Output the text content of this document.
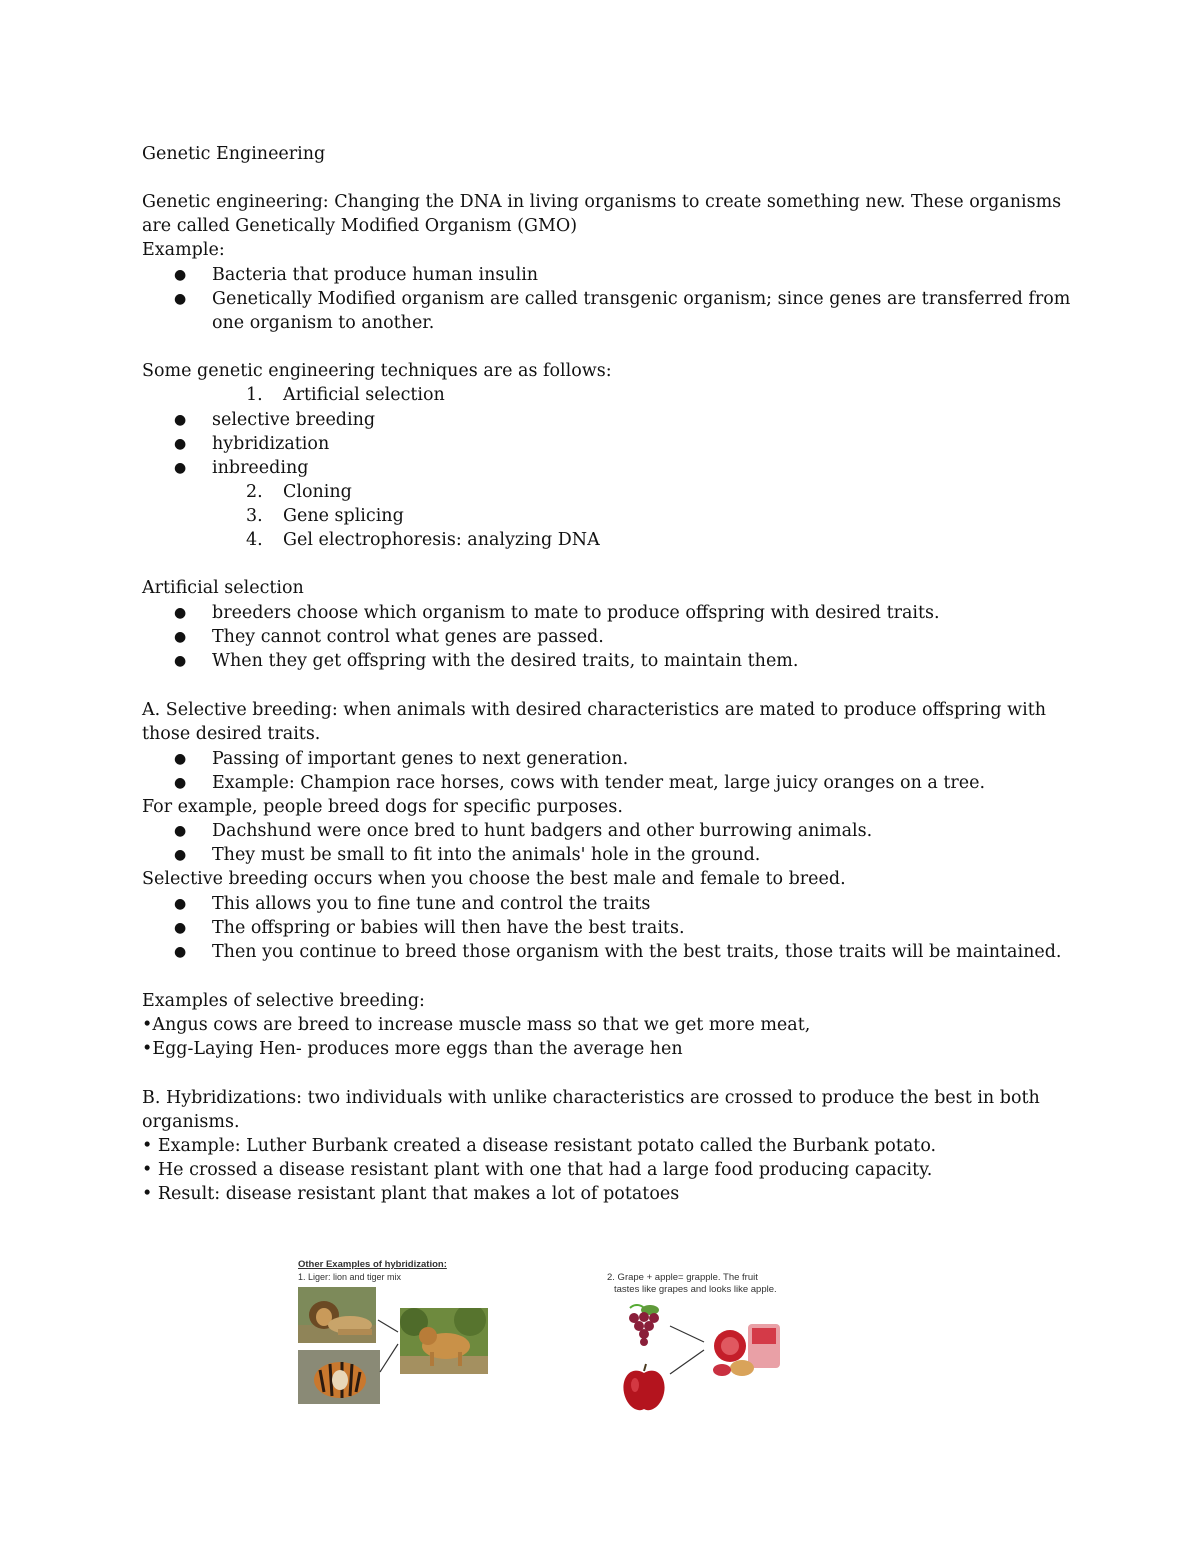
Genetic Engineering
Genetic engineering: Changing the DNA in living organisms to create something new. These organisms
are called Genetically Modified Organism (GMO)
Example:
● Bacteria that produce human insulin
● Genetically Modified organism are called transgenic organism; since genes are transferred from
one organism to another.
Some genetic engineering techniques are as follows:
1. Artificial selection
● selective breeding
● hybridization
● inbreeding
2. Cloning
3. Gene splicing
4. Gel electrophoresis: analyzing DNA
Artificial selection
● breeders choose which organism to mate to produce offspring with desired traits.
● They cannot control what genes are passed.
● When they get offspring with the desired traits, to maintain them.
A. Selective breeding: when animals with desired characteristics are mated to produce offspring with
those desired traits.
● Passing of important genes to next generation.
● Example: Champion race horses, cows with tender meat, large juicy oranges on a tree.
For example, people breed dogs for specific purposes.
● Dachshund were once bred to hunt badgers and other burrowing animals.
● They must be small to fit into the animals' hole in the ground.
Selective breeding occurs when you choose the best male and female to breed.
● This allows you to fine tune and control the traits
● The offspring or babies will then have the best traits.
● Then you continue to breed those organism with the best traits, those traits will be maintained.
Examples of selective breeding:
•Angus cows are breed to increase muscle mass so that we get more meat,
•Egg-Laying Hen- produces more eggs than the average hen
B. Hybridizations: two individuals with unlike characteristics are crossed to produce the best in both
organisms.
• Example: Luther Burbank created a disease resistant potato called the Burbank potato.
• He crossed a disease resistant plant with one that had a large food producing capacity.
• Result: disease resistant plant that makes a lot of potatoes
Other Examples of hybridization:
1. Liger: lion and tiger mix	2. Grape + apple= grapple. The fruit
tastes like grapes and looks like apple.
